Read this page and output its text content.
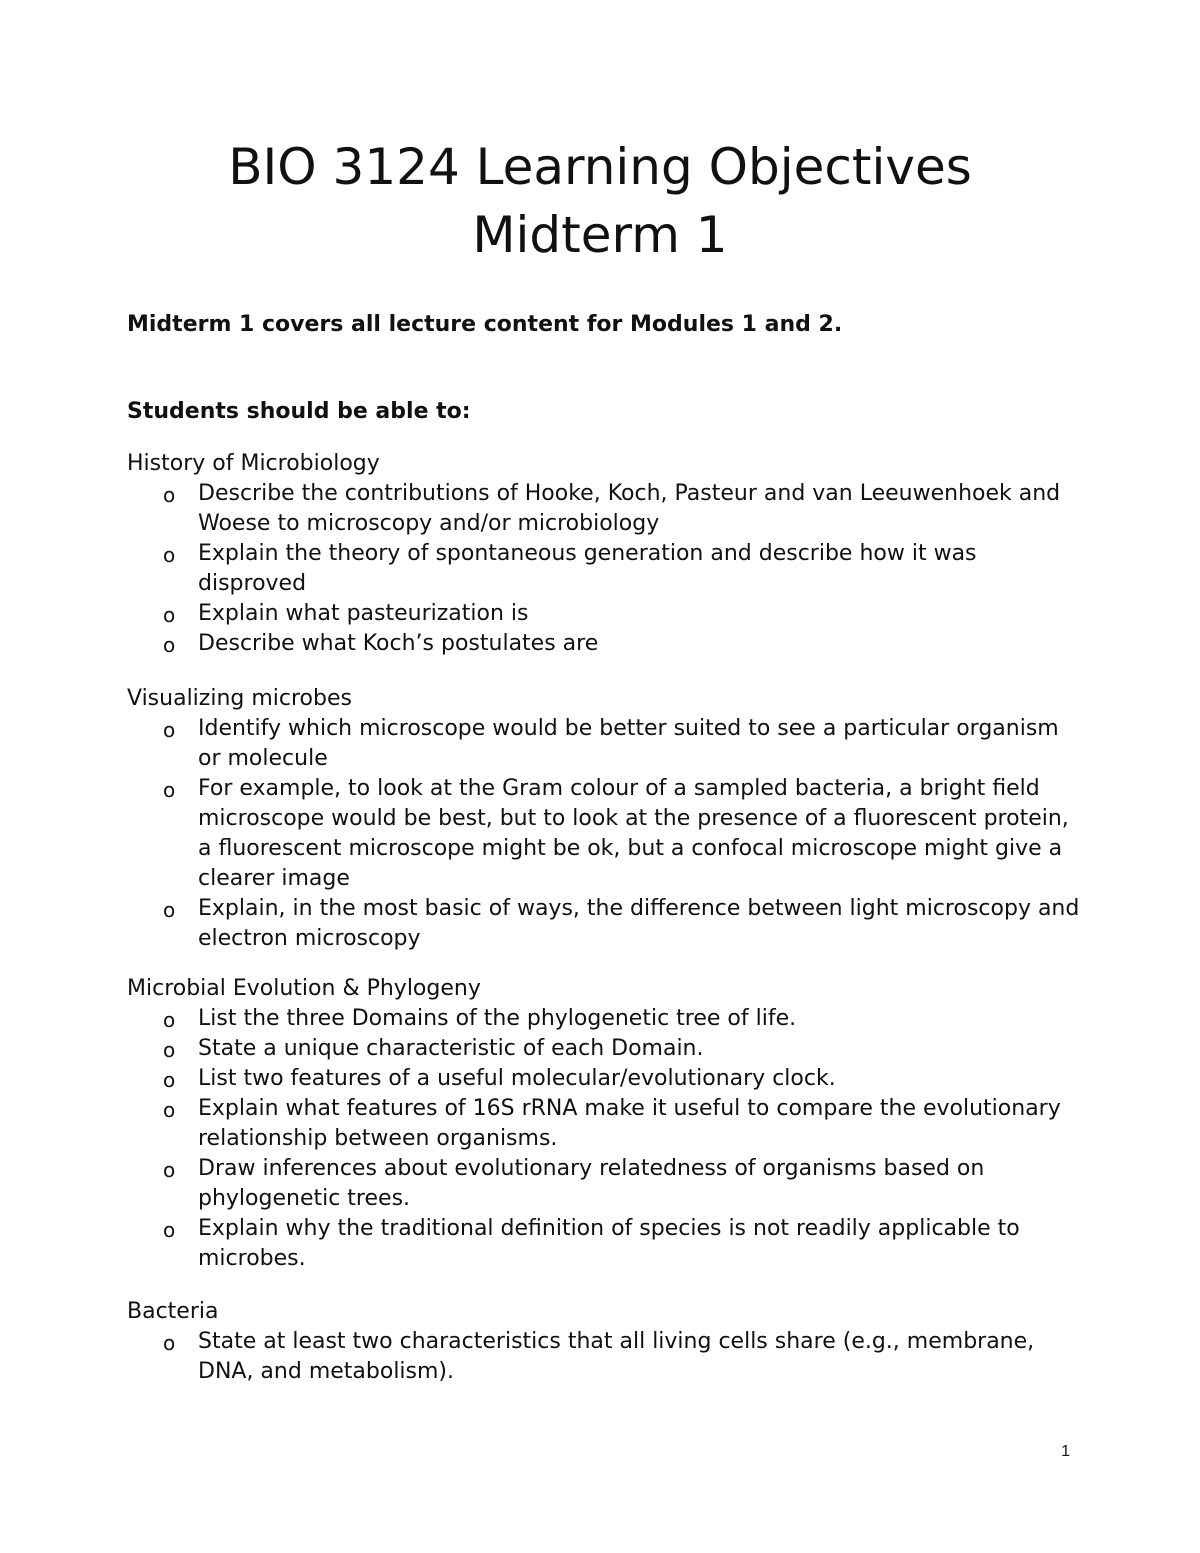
BIO 3124 Learning Objectives
Midterm 1

Midterm 1 covers all lecture content for Modules 1 and 2.

Students should be able to:

History of Microbiology

o Describe the contributions of Hooke, Koch, Pasteur and van Leeuwenhoek and Woese to microscopy and/or microbiology
o Explain the theory of spontaneous generation and describe how it was disproved
o Explain what pasteurization is
o Describe what Koch’s postulates are

Visualizing microbes

o Identify which microscope would be better suited to see a particular organism or molecule
o For example, to look at the Gram colour of a sampled bacteria, a bright field microscope would be best, but to look at the presence of a fluorescent protein, a fluorescent microscope might be ok, but a confocal microscope might give a clearer image
o Explain, in the most basic of ways, the difference between light microscopy and electron microscopy

Microbial Evolution & Phylogeny

o List the three Domains of the phylogenetic tree of life.
o State a unique characteristic of each Domain.
o List two features of a useful molecular/evolutionary clock.
o Explain what features of 16S rRNA make it useful to compare the evolutionary relationship between organisms.
o Draw inferences about evolutionary relatedness of organisms based on phylogenetic trees.
o Explain why the traditional definition of species is not readily applicable to microbes.

Bacteria

o State at least two characteristics that all living cells share (e.g., membrane, DNA, and metabolism).
1
